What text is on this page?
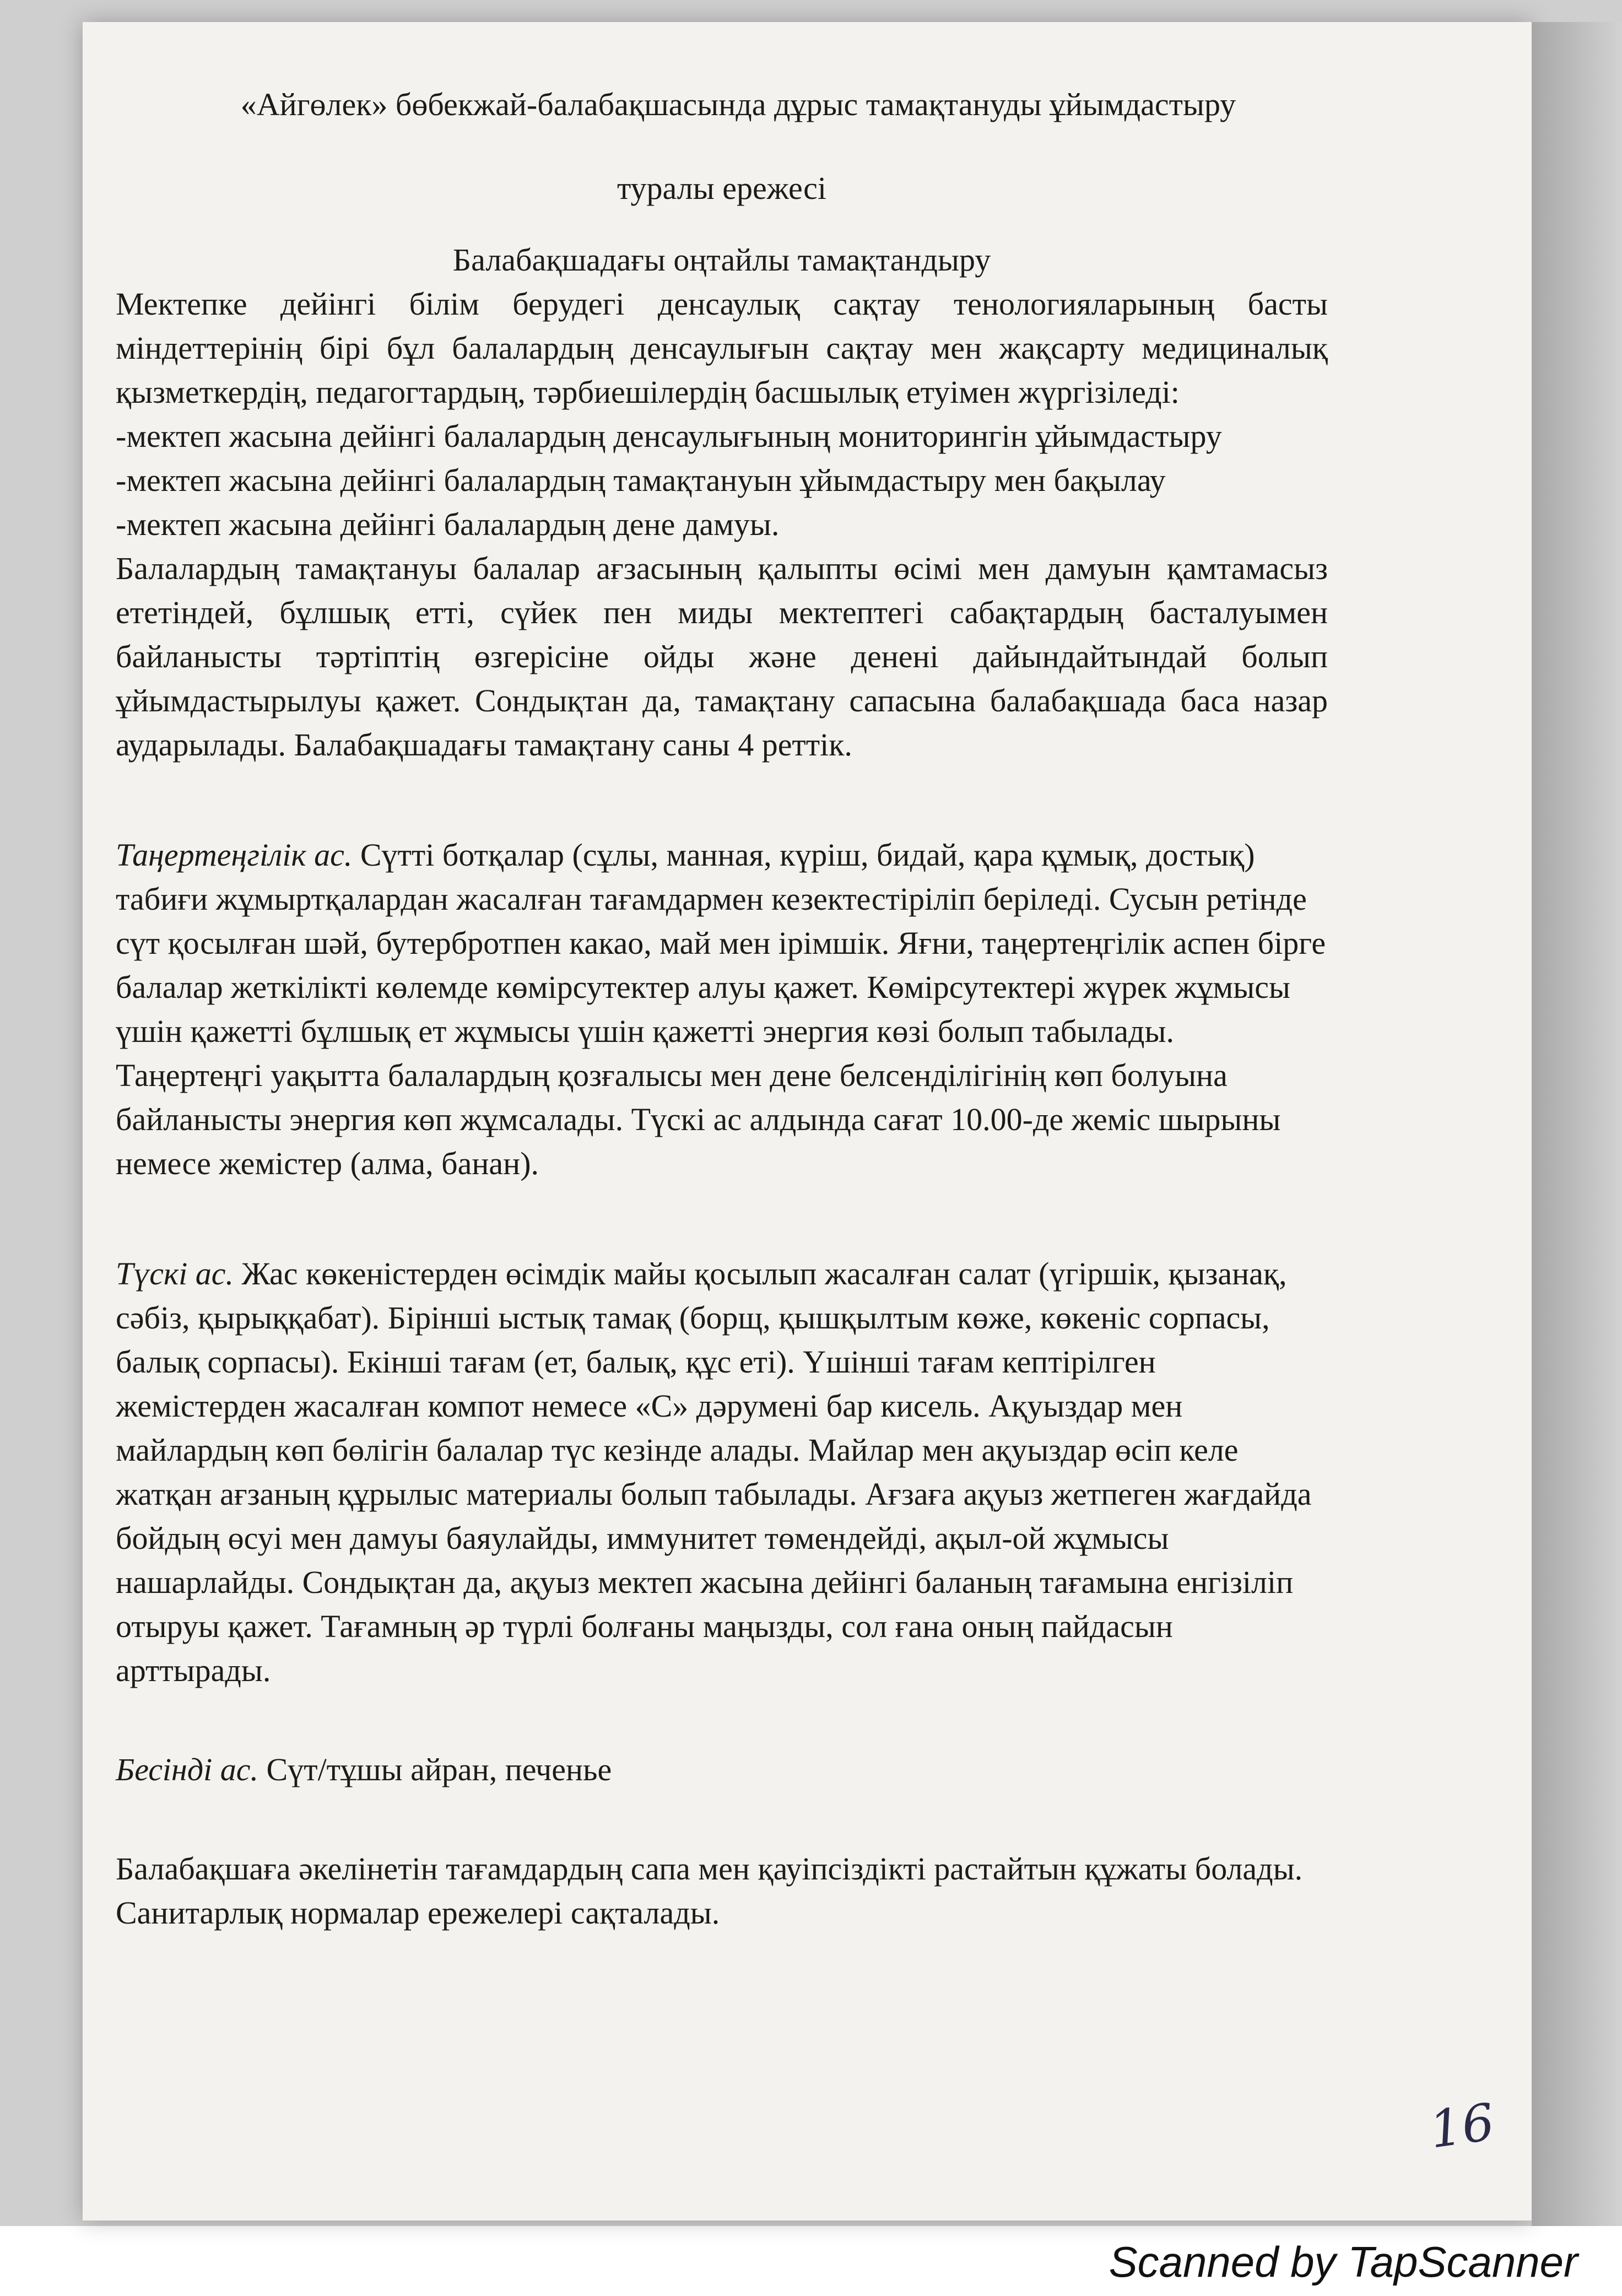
«Айгөлек» бөбекжай-балабақшасында дұрыс тамақтануды ұйымдастыру
туралы ережесі
Балабақшадағы оңтайлы тамақтандыру

Мектепке дейінгі білім берудегі денсаулық сақтау тенологияларының басты міндеттерінің бірі бұл балалардың денсаулығын сақтау мен жақсарту медициналық қызметкердің, педагогтардың, тәрбиешілердің басшылық етуімен жүргізіледі:

-мектеп жасына дейінгі балалардың денсаулығының мониторингін ұйымдастыру
-мектеп жасына дейінгі балалардың тамақтануын ұйымдастыру мен бақылау
-мектеп жасына дейінгі балалардың дене дамуы.

Балалардың тамақтануы балалар ағзасының қалыпты өсімі мен дамуын қамтамасыз ететіндей, бұлшық етті, сүйек пен миды мектептегі сабақтардың басталуымен байланысты тәртіптің өзгерісіне ойды және денені дайындайтындай болып ұйымдастырылуы қажет. Сондықтан да, тамақтану сапасына балабақшада баса назар аударылады. Балабақшадағы тамақтану саны 4 реттік.

Таңертеңгілік ас. Сүтті ботқалар (сұлы, манная, күріш, бидай, қара құмық, достық) табиғи жұмыртқалардан жасалған тағамдармен кезектестіріліп беріледі. Сусын ретінде сүт қосылған шәй, бутербротпен какао, май мен ірімшік. Яғни, таңертеңгілік аспен бірге балалар жеткілікті көлемде көмірсутектер алуы қажет. Көмірсутектері жүрек жұмысы үшін қажетті бұлшық ет жұмысы үшін қажетті энергия көзі болып табылады. Таңертеңгі уақытта балалардың қозғалысы мен дене белсенділігінің көп болуына байланысты энергия көп жұмсалады. Түскі ас алдында сағат 10.00-де жеміс шырыны немесе жемістер (алма, банан).

Түскі ас. Жас көкеністерден өсімдік майы қосылып жасалған салат (үгіршік, қызанақ, сәбіз, қырыққабат). Бірінші ыстық тамақ (борщ, қышқылтым көже, көкеніс сорпасы, балық сорпасы). Екінші тағам (ет, балық, құс еті). Үшінші тағам кептірілген жемістерден жасалған компот немесе «С» дәрумені бар кисель. Ақуыздар мен майлардың көп бөлігін балалар түс кезінде алады. Майлар мен ақуыздар өсіп келе жатқан ағзаның құрылыс материалы болып табылады. Ағзаға ақуыз жетпеген жағдайда бойдың өсуі мен дамуы баяулайды, иммунитет төмендейді, ақыл-ой жұмысы нашарлайды. Сондықтан да, ақуыз мектеп жасына дейінгі баланың тағамына енгізіліп отыруы қажет. Тағамның әр түрлі болғаны маңызды, сол ғана оның пайдасын арттырады.

Бесінді ас. Сүт/тұшы айран, печенье

Балабақшаға әкелінетін тағамдардың сапа мен қауіпсіздікті растайтын құжаты болады. Санитарлық нормалар ережелері сақталады.

16
Scanned by TapScanner
